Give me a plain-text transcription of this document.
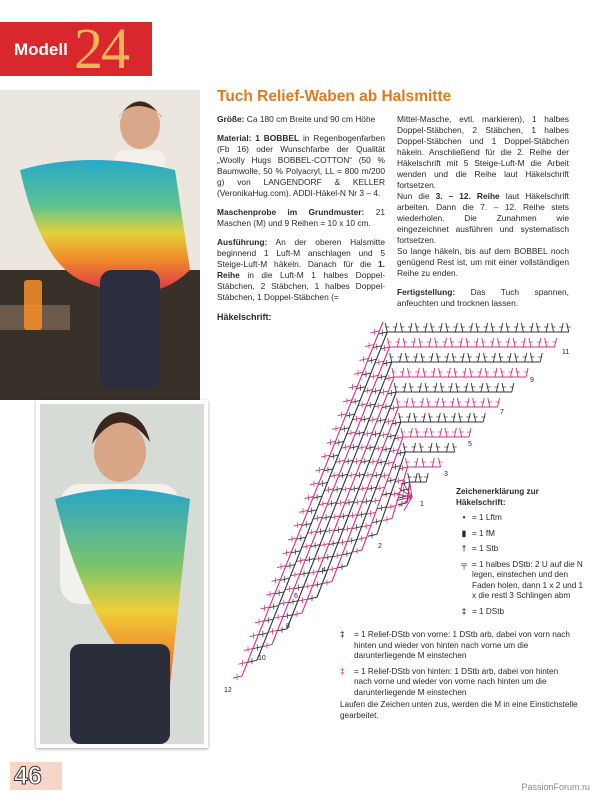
Modell 24
Tuch Relief-Waben ab Halsmitte

Größe: Ca 180 cm Breite und 90 cm Höhe

Material: 1 BOBBEL in Regenbogenfarben (Fb 16) oder Wunschfarbe der Qualität „Woolly Hugs BOBBEL-COTTON“ (50 % Baumwolle, 50 % Polyacryl, LL = 800 m/200 g) von LANGENDORF & KELLER (VeronikaHug.com). ADDI-Häkel-N Nr 3 – 4.

Maschenprobe im Grundmuster: 21 Maschen (M) und 9 Reihen = 10 x 10 cm.

Ausführung: An der oberen Halsmitte beginnend 1 Luft-M anschlagen und 5 Steige-Luft-M häkeln. Danach für die 1. Reihe in die Luft-M 1 halbes Doppel-Stäbchen, 2 Stäbchen, 1 halbes Doppel-Stäbchen, 1 Doppel-Stäbchen (=

Mittel-Masche, evtl. markieren), 1 halbes Doppel-Stäbchen, 2 Stäbchen, 1 halbes Doppel-Stäbchen und 1 Doppel-Stäbchen häkeln. Anschließend für die 2. Reihe der Häkelschrift mit 5 Steige-Luft-M die Arbeit wenden und die Reihe laut Häkelschrift fortsetzen.
Nun die 3. – 12. Reihe laut Häkelschrift arbeiten. Dann die 7. – 12. Reihe stets wiederholen. Die Zunahmen wie eingezeichnet ausführen und systematisch fortsetzen.
So lange häkeln, bis auf dem BOBBEL noch genügend Rest ist, um mit einer vollständigen Reihe zu enden.

Fertigstellung: Das Tuch spannen, anfeuchten und trocknen lassen.

Häkelschrift:
11
9
7
5
3
1
2
4
6
8
10
12
Zeichenerklärung zur Häkelschrift:
• = 1 Lftm
▮ = 1 fM
† = 1 Stb
╤ = 1 halbes DStb: 2 U auf die N legen, einstechen und den Faden holen, dann 1 x 2 und 1 x die restl 3 Schlingen abm
‡ = 1 DStb
‡	= 1 Relief-DStb von vorne: 1 DStb arb, dabei von vorn nach hinten und wieder von hinten nach vorne um die darunterliegende M einstechen
‡	= 1 Relief-DStb von hinten: 1 DStb arb, dabei von hinten nach vorne und wieder von vorne nach hinten um die darunterliegende M einstechen
Laufen die Zeichen unten zus, werden die M in eine Einstichstelle gearbeitet.
46	PassionForum.ru
